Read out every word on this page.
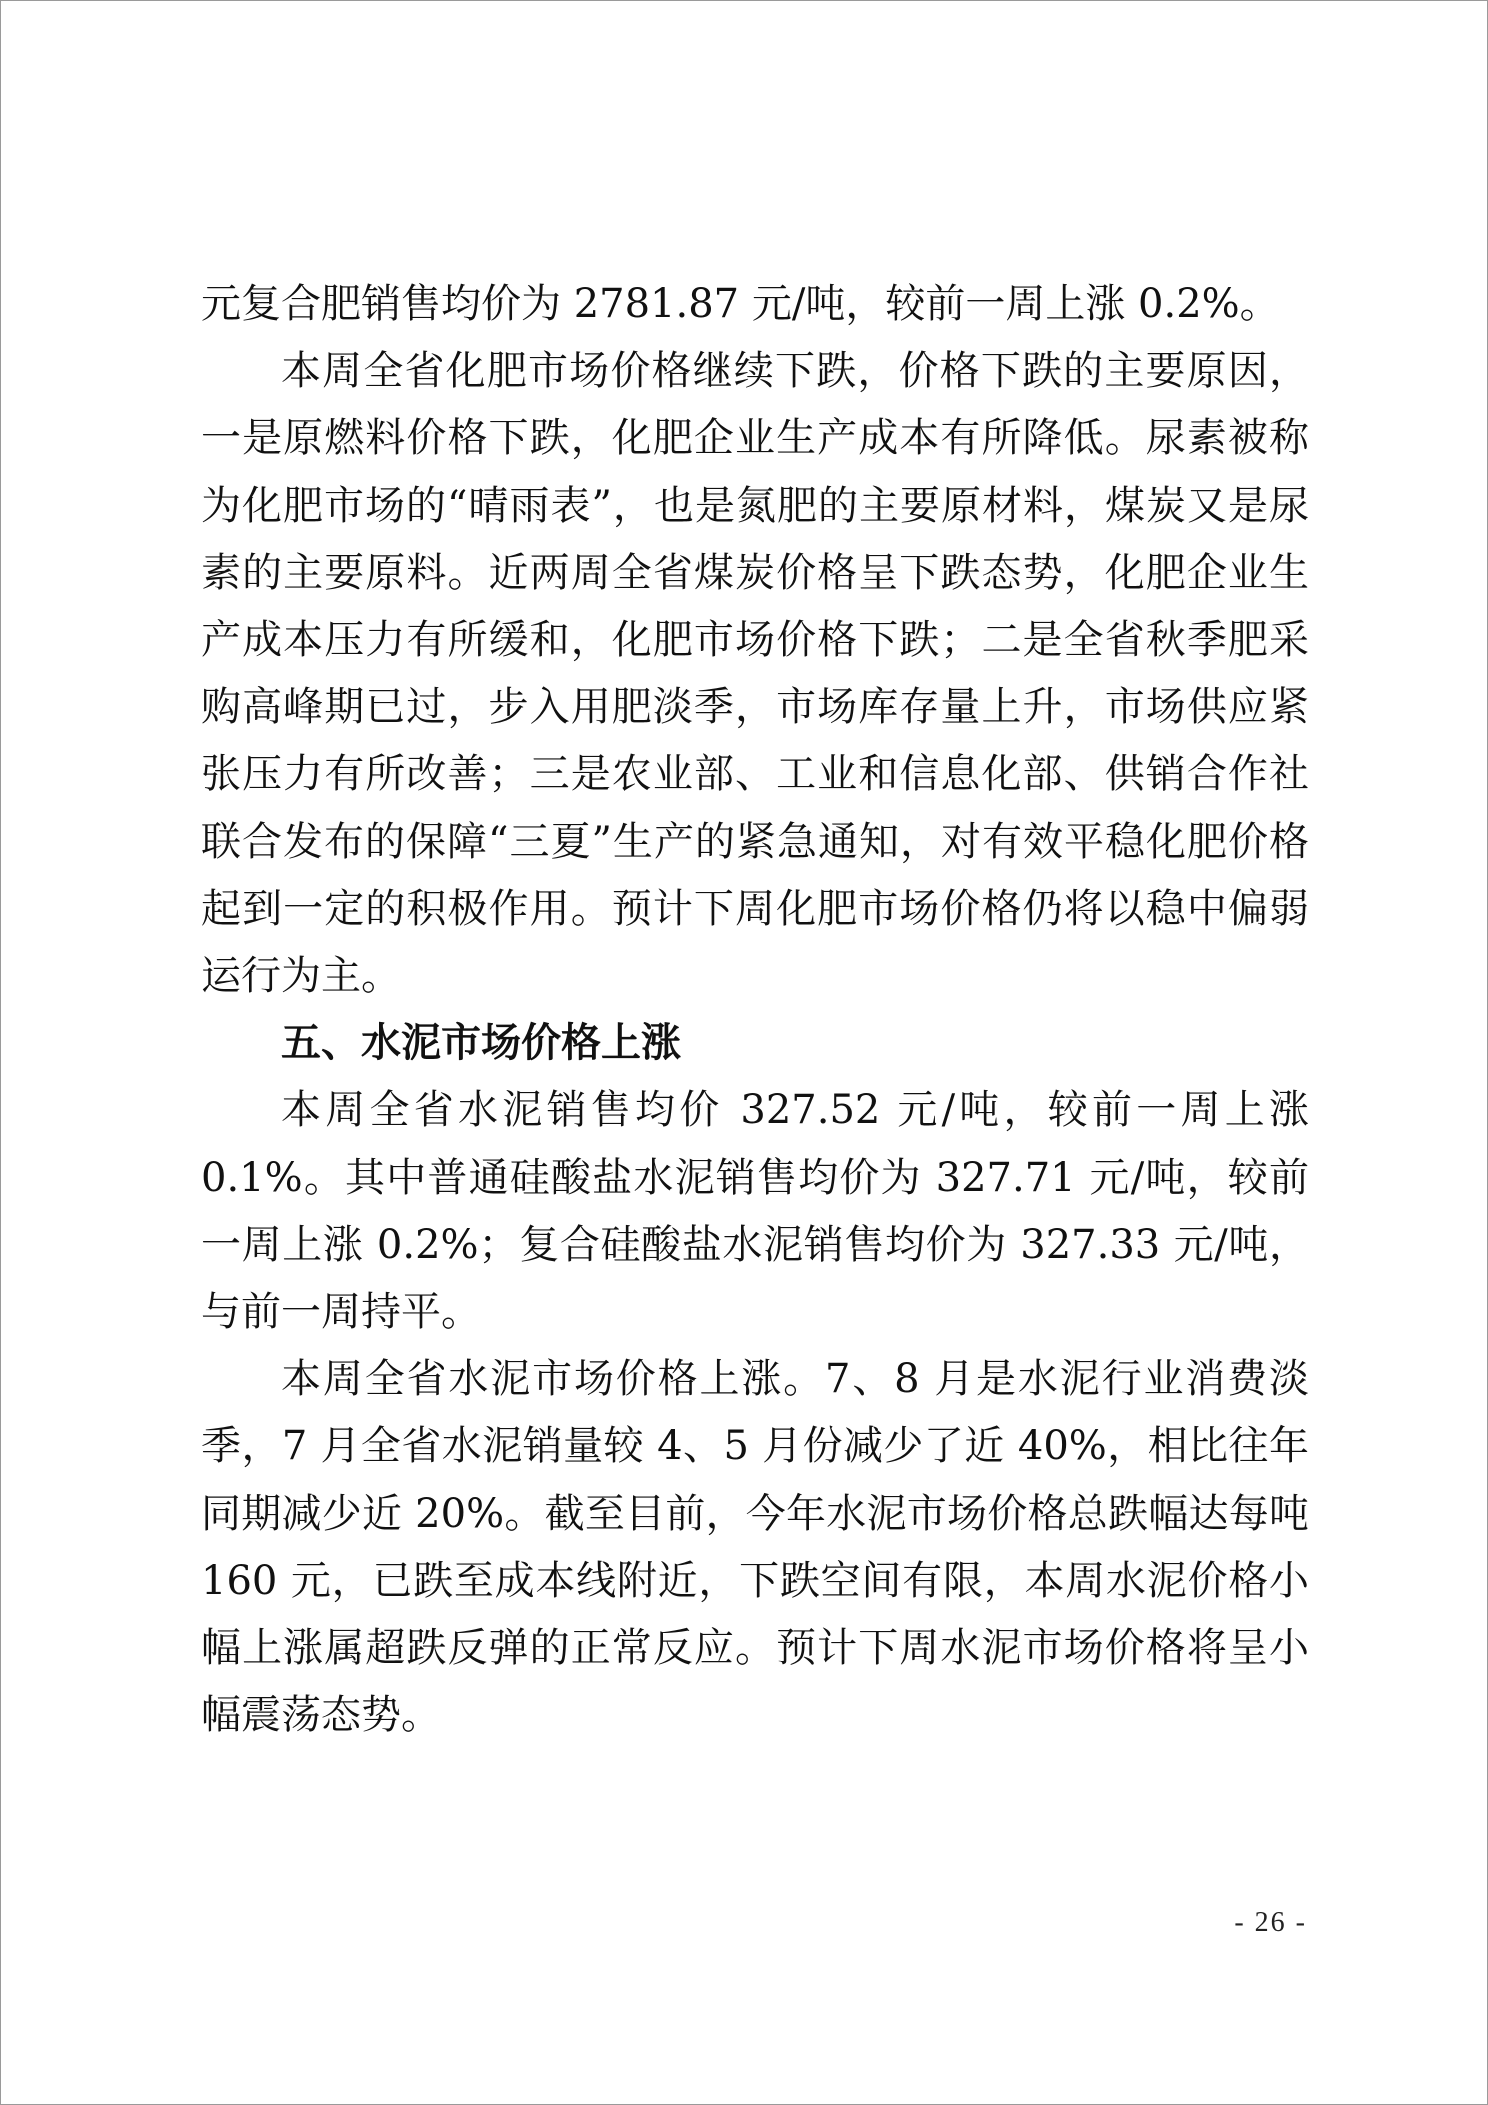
元复合肥销售均价为 2781.87 元/吨，较前一周上涨 0.2%。

本周全省化肥市场价格继续下跌，价格下跌的主要原因，一是原燃料价格下跌，化肥企业生产成本有所降低。尿素被称为化肥市场的“晴雨表”，也是氮肥的主要原材料，煤炭又是尿素的主要原料。近两周全省煤炭价格呈下跌态势，化肥企业生产成本压力有所缓和，化肥市场价格下跌；二是全省秋季肥采购高峰期已过，步入用肥淡季，市场库存量上升，市场供应紧张压力有所改善；三是农业部、工业和信息化部、供销合作社联合发布的保障“三夏”生产的紧急通知，对有效平稳化肥价格起到一定的积极作用。预计下周化肥市场价格仍将以稳中偏弱运行为主。

五、水泥市场价格上涨

本周全省水泥销售均价 327.52 元/吨，较前一周上涨 0.1%。其中普通硅酸盐水泥销售均价为 327.71 元/吨，较前一周上涨 0.2%；复合硅酸盐水泥销售均价为 327.33 元/吨，与前一周持平。

本周全省水泥市场价格上涨。7、8 月是水泥行业消费淡季，7 月全省水泥销量较 4、5 月份减少了近 40%，相比往年同期减少近 20%。截至目前，今年水泥市场价格总跌幅达每吨 160 元，已跌至成本线附近，下跌空间有限，本周水泥价格小幅上涨属超跌反弹的正常反应。预计下周水泥市场价格将呈小幅震荡态势。

- 26 -
